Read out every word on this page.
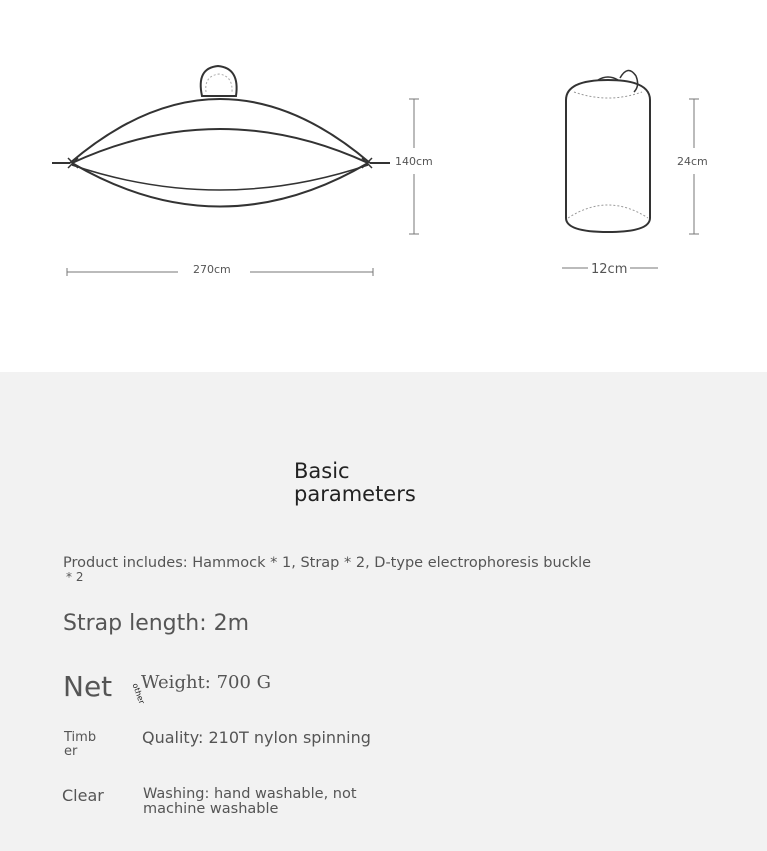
270cm
140cm	24cm
12cm
Basic
parameters
Product includes: Hammock * 1, Strap * 2, D-type electrophoresis buckle
* 2
Strap length: 2m
Net other
Weight: 700 G
Timb
er
Quality: 210T nylon spinning
Clear	Washing: hand washable, not
machine washable
